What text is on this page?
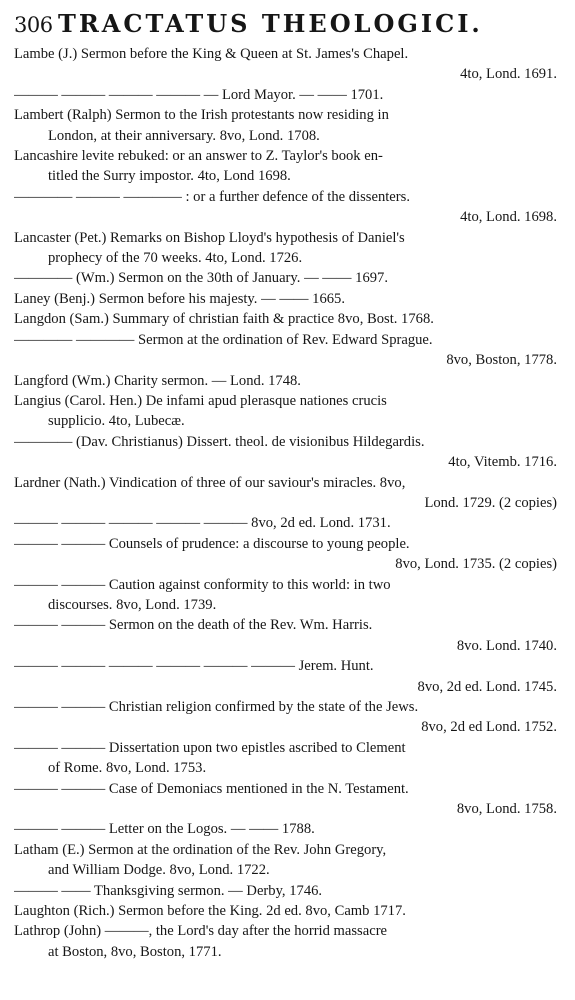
306 TRACTATUS THEOLOGICI.
Lambe (J.) Sermon before the King & Queen at St. James's Chapel.
4to, Lond. 1691.
——— ——— ——— ——— — Lord Mayor. — —— 1701.
Lambert (Ralph) Sermon to the Irish protestants now residing in
London, at their anniversary. 8vo, Lond. 1708.
Lancashire levite rebuked: or an answer to Z. Taylor's book en-
titled the Surry impostor. 4to, Lond 1698.
———— ——— ———— : or a further defence of the dissenters.
4to, Lond. 1698.
Lancaster (Pet.) Remarks on Bishop Lloyd's hypothesis of Daniel's
prophecy of the 70 weeks. 4to, Lond. 1726.
———— (Wm.) Sermon on the 30th of January. — —— 1697.
Laney (Benj.) Sermon before his majesty. — —— 1665.
Langdon (Sam.) Summary of christian faith & practice 8vo, Bost. 1768.
———— ———— Sermon at the ordination of Rev. Edward Sprague.
8vo, Boston, 1778.
Langford (Wm.) Charity sermon. — Lond. 1748.
Langius (Carol. Hen.) De infami apud plerasque nationes crucis
supplicio. 4to, Lubecæ.
———— (Dav. Christianus) Dissert. theol. de visionibus Hildegardis.
4to, Vitemb. 1716.
Lardner (Nath.) Vindication of three of our saviour's miracles. 8vo,
Lond. 1729. (2 copies)
——— ——— ——— ——— ——— 8vo, 2d ed. Lond. 1731.
——— ——— Counsels of prudence: a discourse to young people.
8vo, Lond. 1735. (2 copies)
——— ——— Caution against conformity to this world: in two
discourses. 8vo, Lond. 1739.
——— ——— Sermon on the death of the Rev. Wm. Harris.
8vo. Lond. 1740.
——— ——— ——— ——— ——— ——— Jerem. Hunt.
8vo, 2d ed. Lond. 1745.
——— ——— Christian religion confirmed by the state of the Jews.
8vo, 2d ed Lond. 1752.
——— ——— Dissertation upon two epistles ascribed to Clement
of Rome. 8vo, Lond. 1753.
——— ——— Case of Demoniacs mentioned in the N. Testament.
8vo, Lond. 1758.
——— ——— Letter on the Logos. — —— 1788.
Latham (E.) Sermon at the ordination of the Rev. John Gregory,
and William Dodge. 8vo, Lond. 1722.
——— —— Thanksgiving sermon. — Derby, 1746.
Laughton (Rich.) Sermon before the King. 2d ed. 8vo, Camb 1717.
Lathrop (John) ———, the Lord's day after the horrid massacre
at Boston, 8vo, Boston, 1771.
